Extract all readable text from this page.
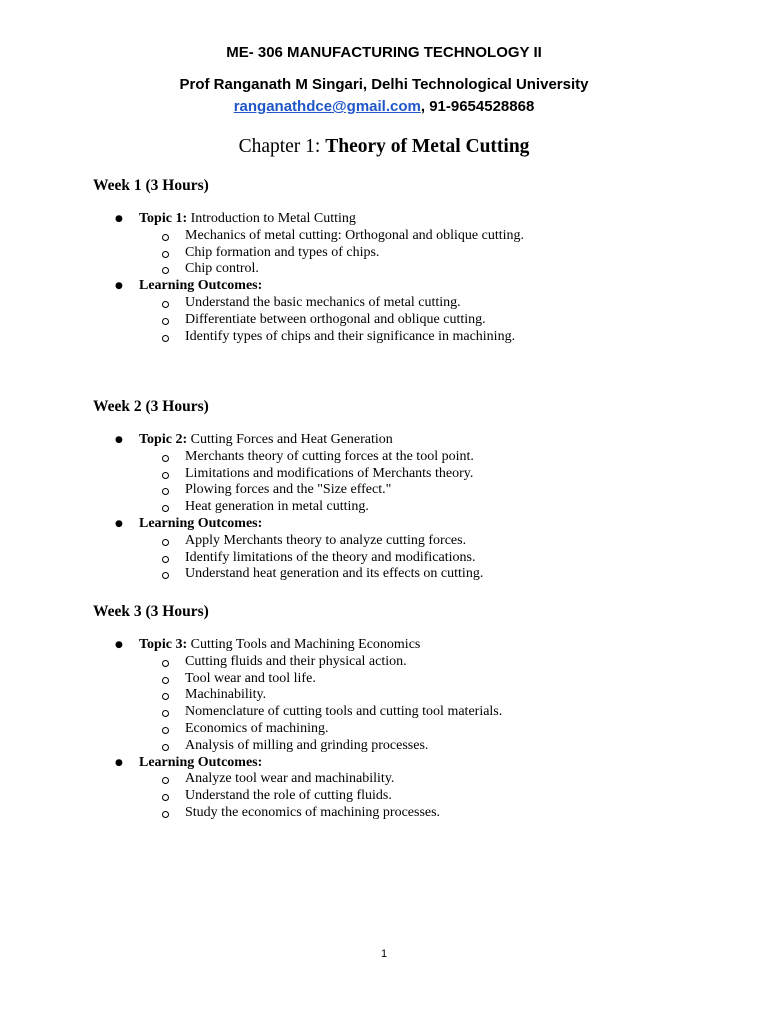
ME- 306 MANUFACTURING TECHNOLOGY II
Prof Ranganath M Singari, Delhi Technological University
ranganathdce@gmail.com, 91-9654528868
Chapter 1: Theory of Metal Cutting
Week 1 (3 Hours)
● Topic 1: Introduction to Metal Cutting
Mechanics of metal cutting: Orthogonal and oblique cutting.
Chip formation and types of chips.
Chip control.
● Learning Outcomes:
Understand the basic mechanics of metal cutting.
Differentiate between orthogonal and oblique cutting.
Identify types of chips and their significance in machining.
Week 2 (3 Hours)
● Topic 2: Cutting Forces and Heat Generation
Merchants theory of cutting forces at the tool point.
Limitations and modifications of Merchants theory.
Plowing forces and the "Size effect."
Heat generation in metal cutting.
● Learning Outcomes:
Apply Merchants theory to analyze cutting forces.
Identify limitations of the theory and modifications.
Understand heat generation and its effects on cutting.
Week 3 (3 Hours)
● Topic 3: Cutting Tools and Machining Economics
Cutting fluids and their physical action.
Tool wear and tool life.
Machinability.
Nomenclature of cutting tools and cutting tool materials.
Economics of machining.
Analysis of milling and grinding processes.
● Learning Outcomes:
Analyze tool wear and machinability.
Understand the role of cutting fluids.
Study the economics of machining processes.
1
